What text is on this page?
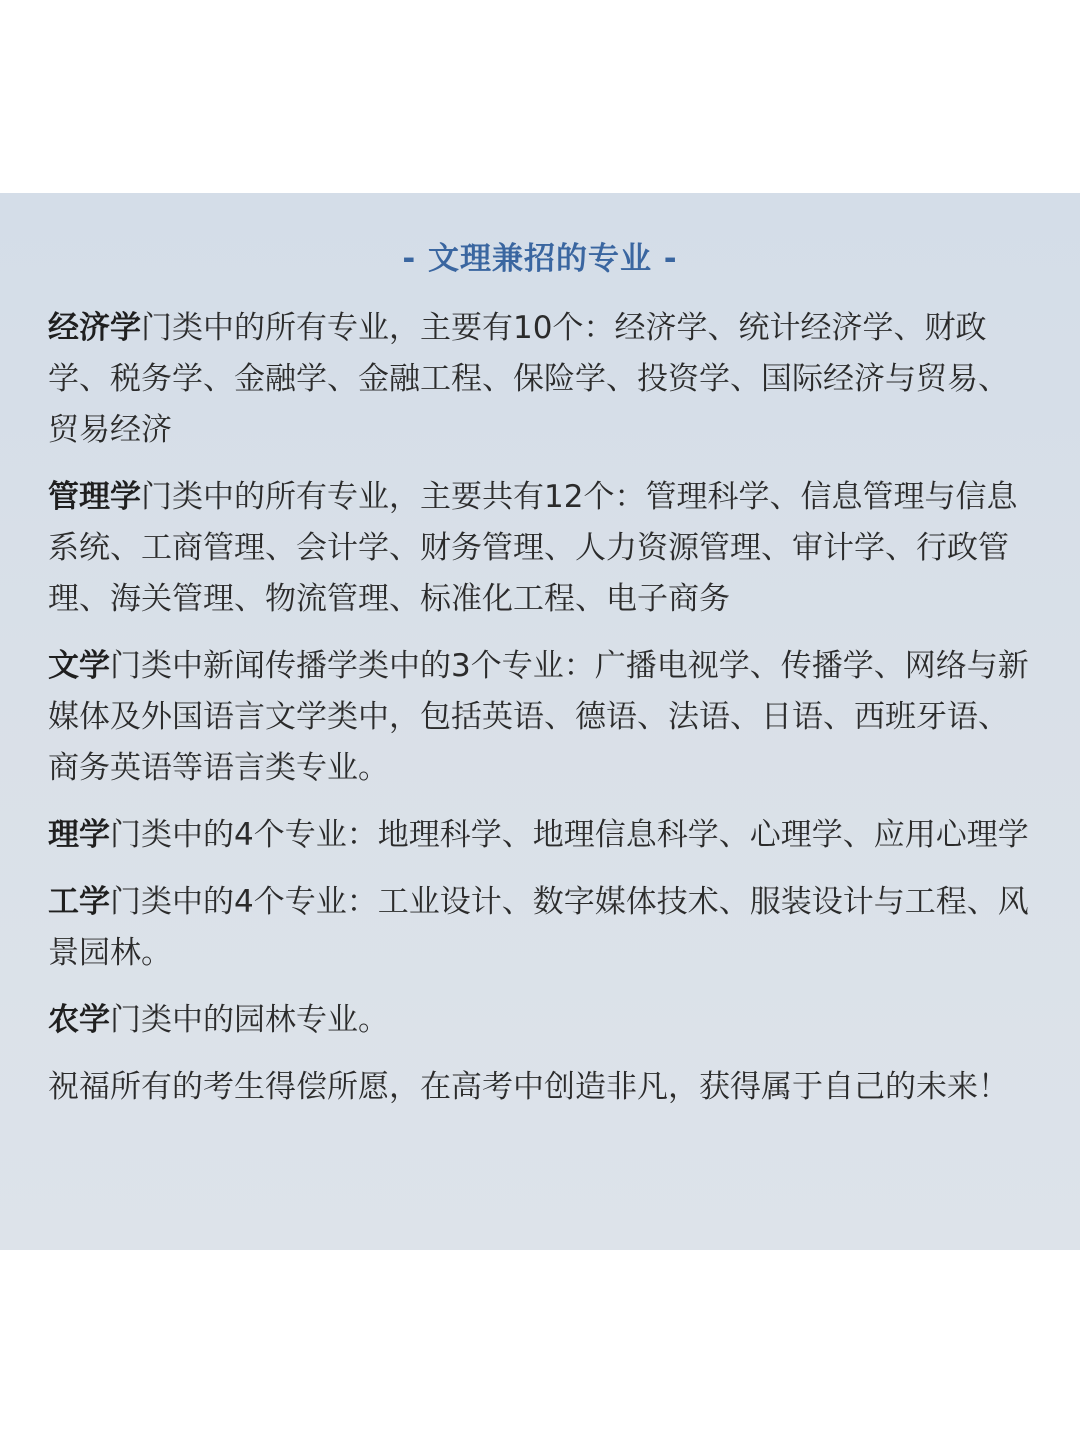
- 文理兼招的专业 -

经济学门类中的所有专业，主要有10个：经济学、统计经济学、财政学、税务学、金融学、金融工程、保险学、投资学、国际经济与贸易、贸易经济

管理学门类中的所有专业，主要共有12个：管理科学、信息管理与信息系统、工商管理、会计学、财务管理、人力资源管理、审计学、行政管理、海关管理、物流管理、标准化工程、电子商务

文学门类中新闻传播学类中的3个专业：广播电视学、传播学、网络与新媒体及外国语言文学类中，包括英语、德语、法语、日语、西班牙语、商务英语等语言类专业。

理学门类中的4个专业：地理科学、地理信息科学、心理学、应用心理学

工学门类中的4个专业：工业设计、数字媒体技术、服装设计与工程、风景园林。

农学门类中的园林专业。

祝福所有的考生得偿所愿，在高考中创造非凡，获得属于自己的未来！
